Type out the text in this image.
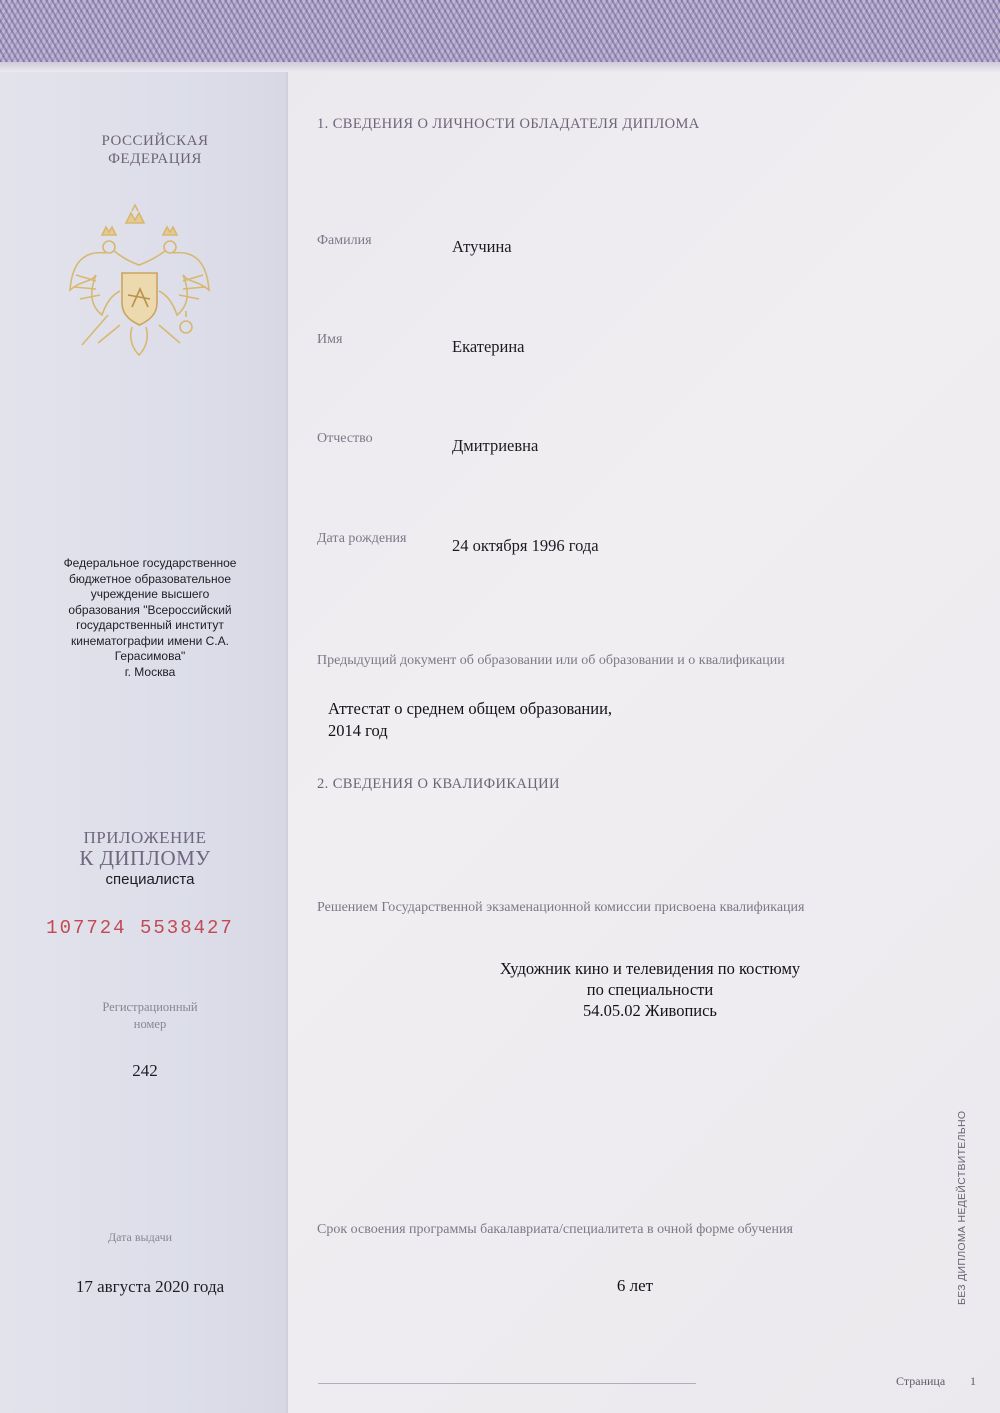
РОССИЙСКАЯ
ФЕДЕРАЦИЯ
Федеральное государственное
бюджетное образовательное
учреждение высшего
образования "Всероссийский
государственный институт
кинематографии имени С.А.
Герасимова"
г. Москва
ПРИЛОЖЕНИЕ
К ДИПЛОМУ
специалиста
107724 5538427
Регистрационный
номер
242
Дата выдачи
17 августа 2020 года
1. СВЕДЕНИЯ О ЛИЧНОСТИ ОБЛАДАТЕЛЯ ДИПЛОМА
Фамилия	Атучина
Имя	Екатерина
Отчество	Дмитриевна
Дата рождения	24 октября 1996 года
Предыдущий документ об образовании или об образовании и о квалификации
Аттестат о среднем общем образовании,
2014 год
2. СВЕДЕНИЯ О КВАЛИФИКАЦИИ
Решением Государственной экзаменационной комиссии присвоена квалификация
Художник кино и телевидения по костюму
по специальности
54.05.02 Живопись
Срок освоения программы бакалавриата/специалитета в очной форме обучения
6 лет	БЕЗ ДИПЛОМА НЕДЕЙСТВИТЕЛЬНО
Страница 1
